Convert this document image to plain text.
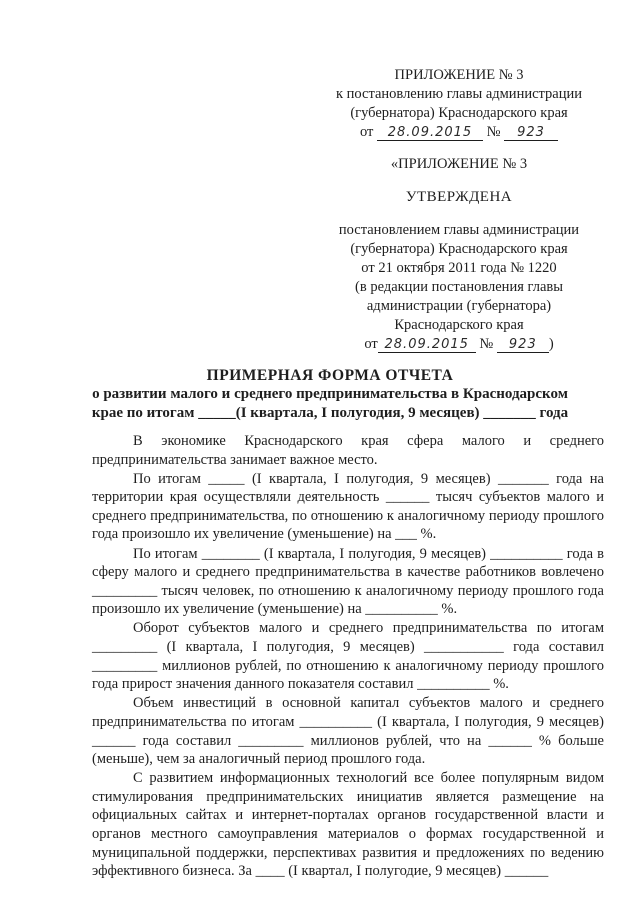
ПРИЛОЖЕНИЕ № 3
к постановлению главы администрации
(губернатора) Краснодарского края
от 28.09.2015 № 923
«ПРИЛОЖЕНИЕ № 3
УТВЕРЖДЕНА
постановлением главы администрации
(губернатора) Краснодарского края
от 21 октября 2011 года № 1220
(в редакции постановления главы
администрации (губернатора)
Краснодарского края
от 28.09.2015 № 923 )
ПРИМЕРНАЯ ФОРМА ОТЧЕТА
о развитии малого и среднего предпринимательства в Краснодарском
крае по итогам _____(I квартала, I полугодия, 9 месяцев) _______ года

В экономике Краснодарского края сфера малого и среднего предпринимательства занимает важное место.

По итогам _____ (I квартала, I полугодия, 9 месяцев) _______ года на территории края осуществляли деятельность ______ тысяч субъектов малого и среднего предпринимательства, по отношению к аналогичному периоду прошлого года произошло их увеличение (уменьшение) на ___ %.

По итогам ________ (I квартала, I полугодия, 9 месяцев) __________ года в сферу малого и среднего предпринимательства в качестве работников вовлечено _________ тысяч человек, по отношению к аналогичному периоду прошлого года произошло их увеличение (уменьшение) на __________ %.

Оборот субъектов малого и среднего предпринимательства по итогам _________ (I квартала, I полугодия, 9 месяцев) ___________ года составил _________ миллионов рублей, по отношению к аналогичному периоду прошлого года прирост значения данного показателя составил __________ %.

Объем инвестиций в основной капитал субъектов малого и среднего предпринимательства по итогам __________ (I квартала, I полугодия, 9 месяцев) ______ года составил _________ миллионов рублей, что на ______ % больше (меньше), чем за аналогичный период прошлого года.

С развитием информационных технологий все более популярным видом стимулирования предпринимательских инициатив является размещение на официальных сайтах и интернет-порталах органов государственной власти и органов местного самоуправления материалов о формах государственной и муниципальной поддержки, перспективах развития и предложениях по ведению эффективного бизнеса. За ____ (I квартал, I полугодие, 9 месяцев) ______
